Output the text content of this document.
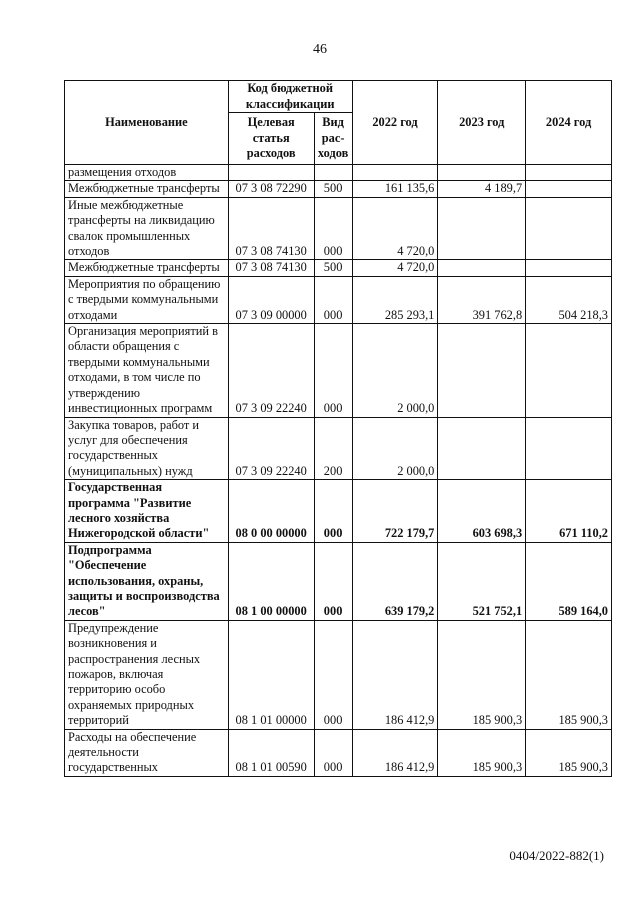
46
Наименование	Код бюджетной классификации		2022 год	2023 год	2024 год
	Целевая статья расходов	Вид рас-ходов			
размещения отходов					
Межбюджетные трансферты	07 3 08 72290	500	161 135,6	4 189,7	
Иные межбюджетные трансферты на ликвидацию свалок промышленных отходов	07 3 08 74130	000	4 720,0		
Межбюджетные трансферты	07 3 08 74130	500	4 720,0		
Мероприятия по обращению с твердыми коммунальными отходами	07 3 09 00000	000	285 293,1	391 762,8	504 218,3
Организация мероприятий в области обращения с твердыми коммунальными отходами, в том числе по утверждению инвестиционных программ	07 3 09 22240	000	2 000,0		
Закупка товаров, работ и услуг для обеспечения государственных (муниципальных) нужд	07 3 09 22240	200	2 000,0		
Государственная программа "Развитие лесного хозяйства Нижегородской области"	08 0 00 00000	000	722 179,7	603 698,3	671 110,2
Подпрограмма "Обеспечение использования, охраны, защиты и воспроизводства лесов"	08 1 00 00000	000	639 179,2	521 752,1	589 164,0
Предупреждение возникновения и распространения лесных пожаров, включая территорию особо охраняемых природных территорий	08 1 01 00000	000	186 412,9	185 900,3	185 900,3
Расходы на обеспечение деятельности государственных	08 1 01 00590	000	186 412,9	185 900,3	185 900,3
0404/2022-882(1)
